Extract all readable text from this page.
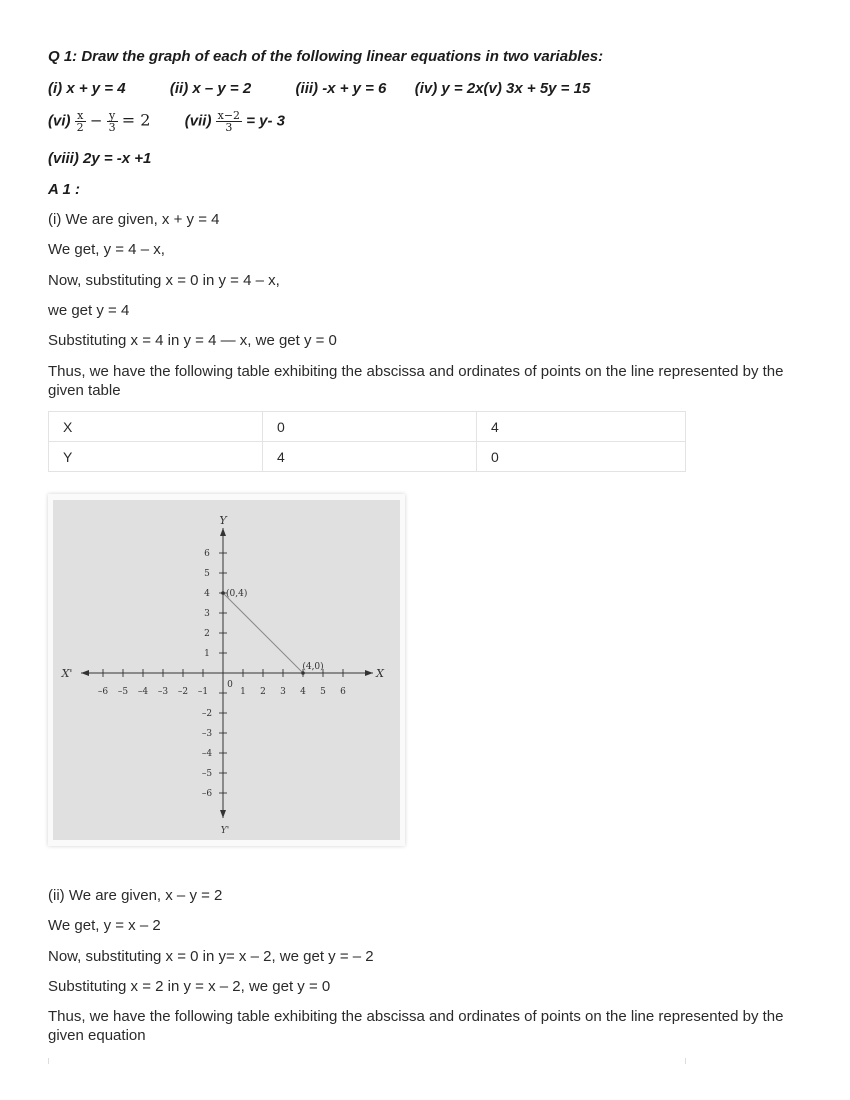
Q 1: Draw the graph of each of the following linear equations in two variables:
(i) x + y = 4	(ii) x – y = 2	(iii) -x + y = 6 (iv) y = 2x(v) 3x + 5y = 15
$(vi) \frac{x}{2} - \frac{y}{3} = 2$ $(vii) \frac{x-2}{3} = y-$ 3
(viii) 2y = -x +1
A 1 :
(i) We are given, x + y = 4
We get, y = 4 – x,
Now, substituting x = 0 in y = 4 – x,
we get y = 4
Substituting x = 4 in y = 4 — x, we get y = 0
Thus, we have the following table exhibiting the abscissa and ordinates of points on the line represented by the
given table
X	0	4
Y	4	0
X
X'
Y
Y'
0
–6 –5 –4 –3 –2 –1	1 2 3 4 5 6
6
5
4
3
2
1
–2
–3
–4
–5
–6
(0,4)
(4,0)
(ii) We are given, x – y = 2
We get, y = x – 2
Now, substituting x = 0 in y= x – 2, we get y = – 2
Substituting x = 2 in y = x – 2, we get y = 0
Thus, we have the following table exhibiting the abscissa and ordinates of points on the line represented by the
given equation
